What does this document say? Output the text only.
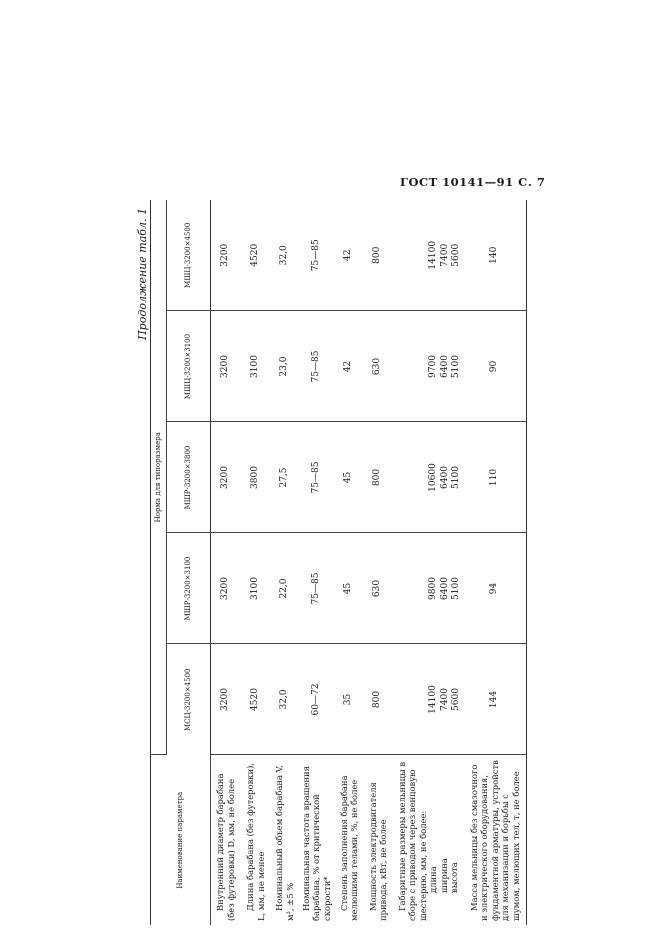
ГОСТ 10141—91 С. 7
Продолжение табл. 1
Наименование параметра	Норма для типоразмера				
	МСЦ-3200×4500	МШР-3200×3100	МШР-3200×3800	МШЦ-3200×3100	МШЦ-3200×4500
Внутренний диаметр барабана (без футеровки) D, мм, не более	3200	3200	3200	3200	3200
Длина барабана (без футеровки), L, мм, не менее	4520	3100	3800	3100	4520
Номинальный объем барабана V, м³, ±5 %	32,0	22,0	27,5	23,0	32,0
Номинальная частота вращения барабана, % от критической скорости*	60—72	75—85	75—85	75—85	75—85
Степень заполнения барабана мелющими телами, %, не более	35	45	45	42	42
Мощность электродвигателя привода, кВт, не более	800	630	800	630	800
Габаритные размеры мельницы в сборе с приводом через венцовую шестерню, мм, не более: длина ширина высота	14100 7400 5600	9800 6400 5100	10600 6400 5100	9700 6400 5100	14100 7400 5600

Масса мельницы без смазочного и электрического оборудования, фундаментной арматуры, устройств для механизации и борьбы с шумом, мелющих тел, т, не более	144	94	110	90	140
